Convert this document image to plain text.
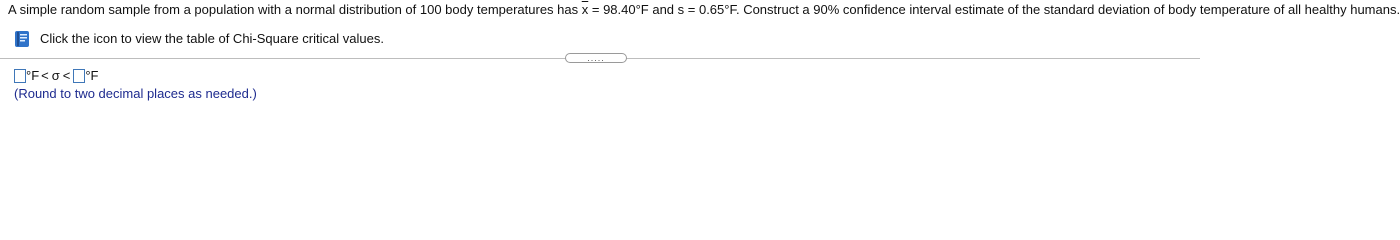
A simple random sample from a population with a normal distribution of 100 body temperatures has $\overline{x} = 98.40^\circ F$ and s = 0.65°F. Construct a 90% confidence interval estimate of the standard deviation of body temperature of all healthy humans.
Click the icon to view the table of Chi-Square critical values.
.....
°F < σ < °F
(Round to two decimal places as needed.)
